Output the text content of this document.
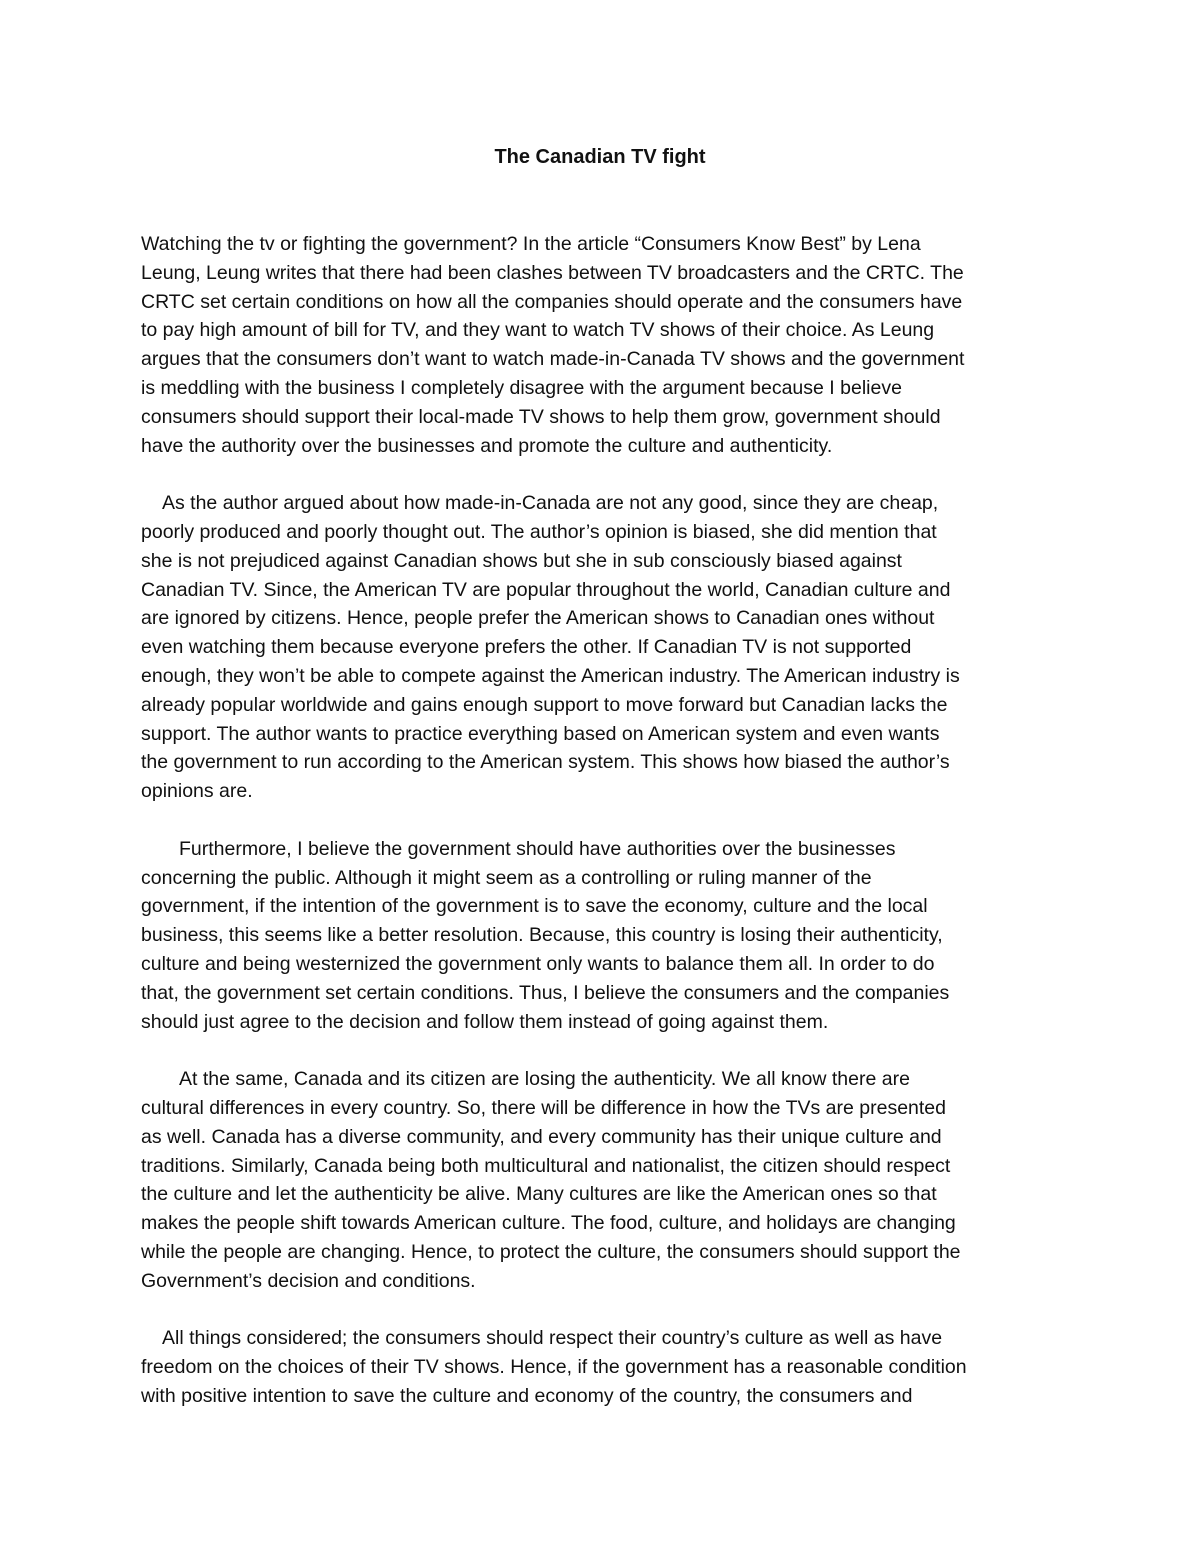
The Canadian TV fight

Watching the tv or fighting the government? In the article “Consumers Know Best” by Lena
Leung, Leung writes that there had been clashes between TV broadcasters and the CRTC. The
CRTC set certain conditions on how all the companies should operate and the consumers have
to pay high amount of bill for TV, and they want to watch TV shows of their choice. As Leung
argues that the consumers don’t want to watch made-in-Canada TV shows and the government
is meddling with the business I completely disagree with the argument because I believe
consumers should support their local-made TV shows to help them grow, government should
have the authority over the businesses and promote the culture and authenticity.

As the author argued about how made-in-Canada are not any good, since they are cheap,
poorly produced and poorly thought out. The author’s opinion is biased, she did mention that
she is not prejudiced against Canadian shows but she in sub consciously biased against
Canadian TV. Since, the American TV are popular throughout the world, Canadian culture and
are ignored by citizens. Hence, people prefer the American shows to Canadian ones without
even watching them because everyone prefers the other. If Canadian TV is not supported
enough, they won’t be able to compete against the American industry. The American industry is
already popular worldwide and gains enough support to move forward but Canadian lacks the
support. The author wants to practice everything based on American system and even wants
the government to run according to the American system. This shows how biased the author’s
opinions are.

Furthermore, I believe the government should have authorities over the businesses
concerning the public. Although it might seem as a controlling or ruling manner of the
government, if the intention of the government is to save the economy, culture and the local
business, this seems like a better resolution. Because, this country is losing their authenticity,
culture and being westernized the government only wants to balance them all. In order to do
that, the government set certain conditions. Thus, I believe the consumers and the companies
should just agree to the decision and follow them instead of going against them.

At the same, Canada and its citizen are losing the authenticity. We all know there are
cultural differences in every country. So, there will be difference in how the TVs are presented
as well. Canada has a diverse community, and every community has their unique culture and
traditions. Similarly, Canada being both multicultural and nationalist, the citizen should respect
the culture and let the authenticity be alive. Many cultures are like the American ones so that
makes the people shift towards American culture. The food, culture, and holidays are changing
while the people are changing. Hence, to protect the culture, the consumers should support the
Government’s decision and conditions.

All things considered; the consumers should respect their country’s culture as well as have
freedom on the choices of their TV shows. Hence, if the government has a reasonable condition
with positive intention to save the culture and economy of the country, the consumers and
